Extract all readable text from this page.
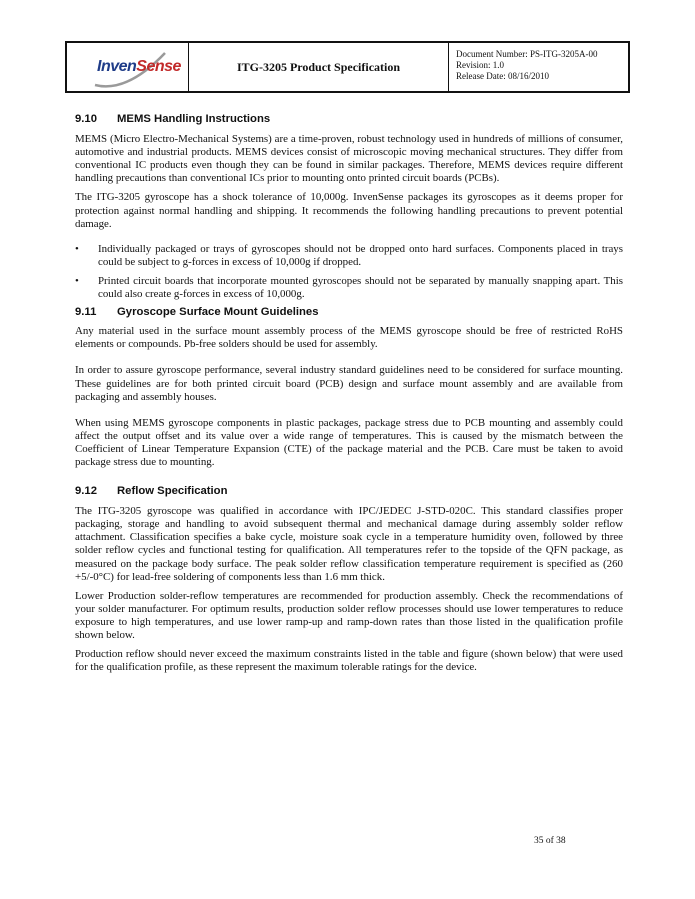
InvenSense	ITG-3205 Product Specification
Document Number: PS-ITG-3205A-00
Revision: 1.0
Release Date: 08/16/2010
9.10	MEMS Handling Instructions

MEMS (Micro Electro-Mechanical Systems) are a time-proven, robust technology used in hundreds of millions of consumer, automotive and industrial products. MEMS devices consist of microscopic moving mechanical structures. They differ from conventional IC products even though they can be found in similar packages. Therefore, MEMS devices require different handling precautions than conventional ICs prior to mounting onto printed circuit boards (PCBs).

The ITG-3205 gyroscope has a shock tolerance of 10,000g. InvenSense packages its gyroscopes as it deems proper for protection against normal handling and shipping. It recommends the following handling precautions to prevent potential damage.

• Individually packaged or trays of gyroscopes should not be dropped onto hard surfaces. Components placed in trays could be subject to g-forces in excess of 10,000g if dropped.
• Printed circuit boards that incorporate mounted gyroscopes should not be separated by manually snapping apart. This could also create g-forces in excess of 10,000g.
9.11	Gyroscope Surface Mount Guidelines

Any material used in the surface mount assembly process of the MEMS gyroscope should be free of restricted RoHS elements or compounds. Pb-free solders should be used for assembly.

In order to assure gyroscope performance, several industry standard guidelines need to be considered for surface mounting. These guidelines are for both printed circuit board (PCB) design and surface mount assembly and are available from packaging and assembly houses.

When using MEMS gyroscope components in plastic packages, package stress due to PCB mounting and assembly could affect the output offset and its value over a wide range of temperatures. This is caused by the mismatch between the Coefficient of Linear Temperature Expansion (CTE) of the package material and the PCB. Care must be taken to avoid package stress due to mounting.

9.12	Reflow Specification

The ITG-3205 gyroscope was qualified in accordance with IPC/JEDEC J-STD-020C. This standard classifies proper packaging, storage and handling to avoid subsequent thermal and mechanical damage during assembly solder reflow attachment. Classification specifies a bake cycle, moisture soak cycle in a temperature humidity oven, followed by three solder reflow cycles and functional testing for qualification. All temperatures refer to the topside of the QFN package, as measured on the package body surface. The peak solder reflow classification temperature requirement is specified as (260 +5/-0°C) for lead-free soldering of components less than 1.6 mm thick.

Lower Production solder-reflow temperatures are recommended for production assembly. Check the recommendations of your solder manufacturer. For optimum results, production solder reflow processes should use lower temperatures to reduce exposure to high temperatures, and use lower ramp-up and ramp-down rates than those listed in the qualification profile shown below.

Production reflow should never exceed the maximum constraints listed in the table and figure (shown below) that were used for the qualification profile, as these represent the maximum tolerable ratings for the device.

35 of 38
